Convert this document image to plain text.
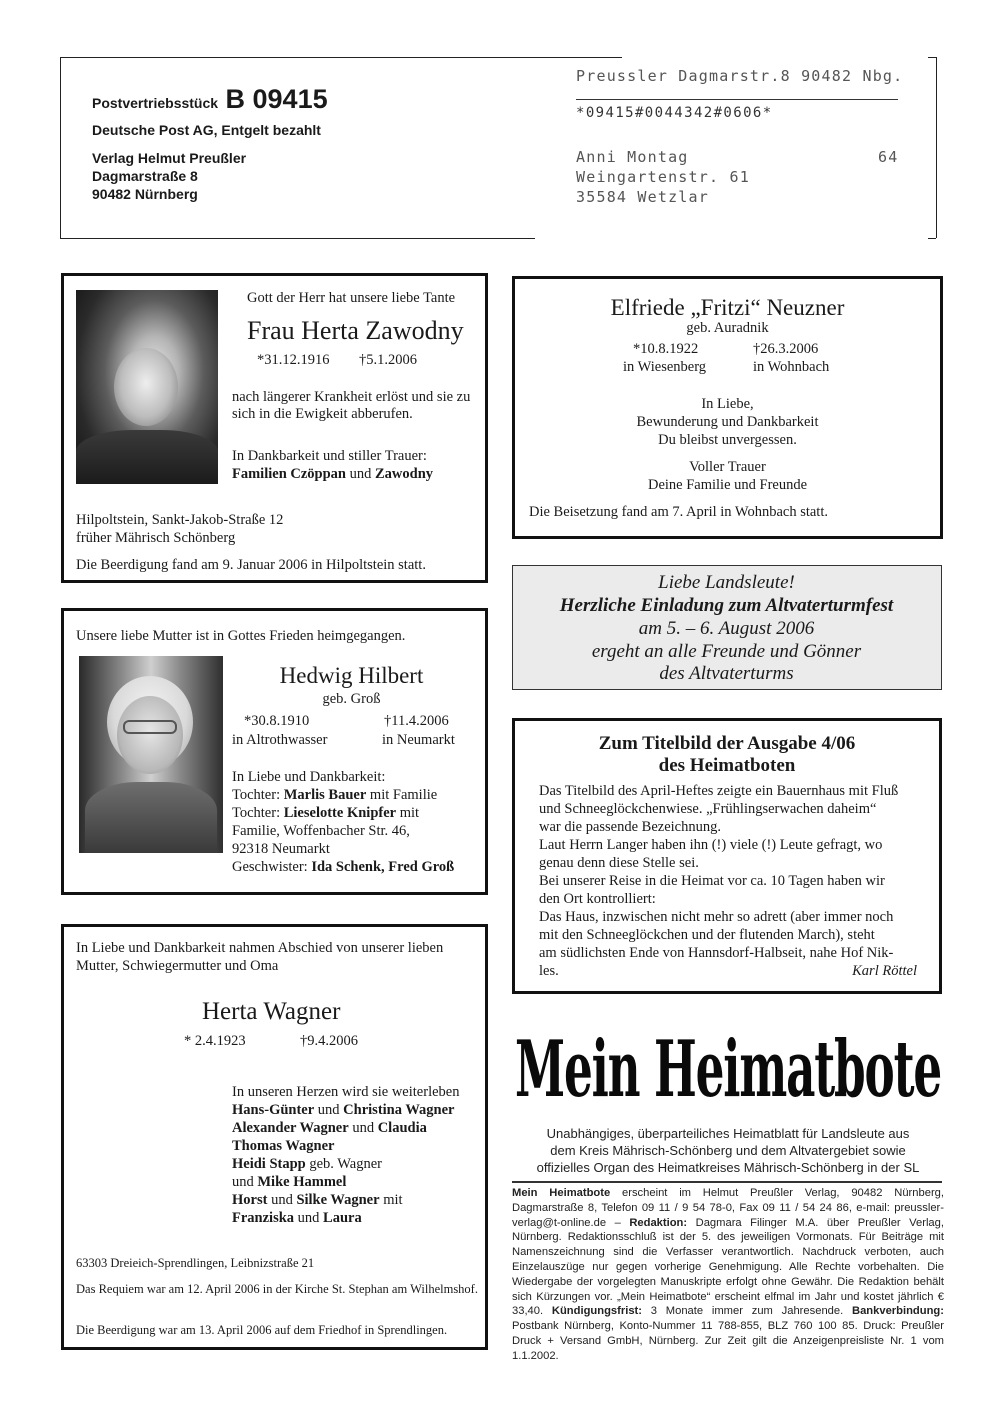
Postvertriebsstück B 09415
Deutsche Post AG, Entgelt bezahlt
Verlag Helmut Preußler
Dagmarstraße 8
90482 Nürnberg
Preussler Dagmarstr.8 90482 Nbg.
*09415#0044342#0606*
Anni Montag	64
Weingartenstr. 61
35584 Wetzlar
Gott der Herr hat unsere liebe Tante
Frau Herta Zawodny
*31.12.1916 †5.1.2006
nach längerer Krankheit erlöst und sie zu sich in die Ewigkeit abberufen.
In Dankbarkeit und stiller Trauer:
Familien Czöppan und Zawodny
Hilpoltstein, Sankt-Jakob-Straße 12
früher Mährisch Schönberg
Die Beerdigung fand am 9. Januar 2006 in Hilpoltstein statt.
Elfriede „Fritzi“ Neuzner
geb. Auradnik
*10.8.1922	†26.3.2006
in Wiesenberg	in Wohnbach
In Liebe,
Bewunderung und Dankbarkeit
Du bleibst unvergessen.
Voller Trauer
Deine Familie und Freunde
Die Beisetzung fand am 7. April in Wohnbach statt.
Liebe Landsleute!
Herzliche Einladung zum Altvaterturmfest
am 5. – 6. August 2006
ergeht an alle Freunde und Gönner
des Altvaterturms
Unsere liebe Mutter ist in Gottes Frieden heimgegangen.
Hedwig Hilbert
geb. Groß
*30.8.1910	†11.4.2006
in Altrothwasser	in Neumarkt
In Liebe und Dankbarkeit:
Tochter: Marlis Bauer mit Familie
Tochter: Lieselotte Knipfer mit
Familie, Woffenbacher Str. 46,
92318 Neumarkt
Geschwister: Ida Schenk, Fred Groß
Zum Titelbild der Ausgabe 4/06
des Heimatboten
Das Titelbild des April-Heftes zeigte ein Bauernhaus mit Fluß
und Schneeglöckchenwiese. „Frühlingserwachen daheim“
war die passende Bezeichnung.
Laut Herrn Langer haben ihn (!) viele (!) Leute gefragt, wo
genau denn diese Stelle sei.
Bei unserer Reise in die Heimat vor ca. 10 Tagen haben wir
den Ort kontrolliert:
Das Haus, inzwischen nicht mehr so adrett (aber immer noch
mit den Schneeglöckchen und der flutenden March), steht
am südlichsten Ende von Hannsdorf-Halbseit, nahe Hof Nik-
les.	Karl Röttel
In Liebe und Dankbarkeit nahmen Abschied von unserer lieben Mutter, Schwiegermutter und Oma
Herta Wagner
* 2.4.1923	†9.4.2006
In unseren Herzen wird sie weiterleben
Hans-Günter und Christina Wagner
Alexander Wagner und Claudia
Thomas Wagner
Heidi Stapp geb. Wagner
und Mike Hammel
Horst und Silke Wagner mit
Franziska und Laura
63303 Dreieich-Sprendlingen, Leibnizstraße 21
Das Requiem war am 12. April 2006 in der Kirche St. Stephan am Wilhelmshof.
Die Beerdigung war am 13. April 2006 auf dem Friedhof in Sprendlingen.
Mein Heimatbote
Unabhängiges, überparteiliches Heimatblatt für Landsleute aus
dem Kreis Mährisch-Schönberg und dem Altvatergebiet sowie
offizielles Organ des Heimatkreises Mährisch-Schönberg in der SL
Mein Heimatbote erscheint im Helmut Preußler Verlag, 90482 Nürnberg, Dagmarstraße 8, Telefon 09 11 / 9 54 78-0, Fax 09 11 / 54 24 86, e-mail: preussler-verlag@t-online.de – Redaktion: Dagmara Filinger M.A. über Preußler Verlag, Nürnberg. Redaktionsschluß ist der 5. des jeweiligen Vormonats. Für Beiträge mit Namenszeichnung sind die Verfasser verantwortlich. Nachdruck verboten, auch Einzelauszüge nur gegen vorherige Genehmigung. Alle Rechte vorbehalten. Die Wiedergabe der vorgelegten Manuskripte erfolgt ohne Gewähr. Die Redaktion behält sich Kürzungen vor. „Mein Heimatbote“ erscheint elfmal im Jahr und kostet jährlich € 33,40. Kündigungsfrist: 3 Monate immer zum Jahresende. Bankverbindung: Postbank Nürnberg, Konto-Nummer 11 788-855, BLZ 760 100 85. Druck: Preußler Druck + Versand GmbH, Nürnberg. Zur Zeit gilt die Anzeigenpreisliste Nr. 1 vom 1.1.2002.
